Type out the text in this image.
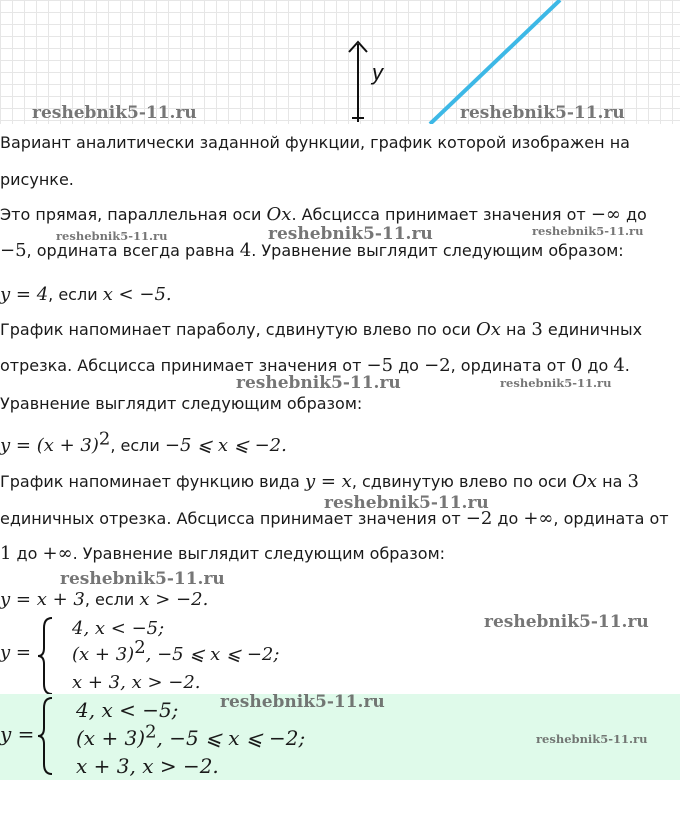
y
reshebnik5-11.ru	reshebnik5-11.ru

Вариант аналитически заданной функции, график которой изображен на

рисунке.

Это прямая, параллельная оси Ox. Абсцисса принимает значения от −∞ до

−5, ордината всегда равна 4. Уравнение выглядит следующим образом:

y = 4, если x < −5.

График напоминает параболу, сдвинутую влево по оси Ox на 3 единичных

отрезка. Абсцисса принимает значения от −5 до −2, ордината от 0 до 4.

Уравнение выглядит следующим образом:

$y = (x + 3)^2$, если −5 ⩽ x ⩽ −2.

График напоминает функцию вида y = x, сдвинутую влево по оси Ox на 3

единичных отрезка. Абсцисса принимает значения от −2 до +∞, ордината от

1 до +∞. Уравнение выглядит следующим образом:

y = x + 3, если x > −2.

y =
4, x < −5;
$(x + 3)^2$, −5 ⩽ x ⩽ −2;
x + 3, x > −2.
y =
4, x < −5;
$(x + 3)^2$, −5 ⩽ x ⩽ −2;
x + 3, x > −2.
reshebnik5-11.ru	reshebnik5-11.ru	reshebnik5-11.ru
reshebnik5-11.ru	reshebnik5-11.ru
reshebnik5-11.ru
reshebnik5-11.ru
reshebnik5-11.ru
reshebnik5-11.ru
reshebnik5-11.ru
